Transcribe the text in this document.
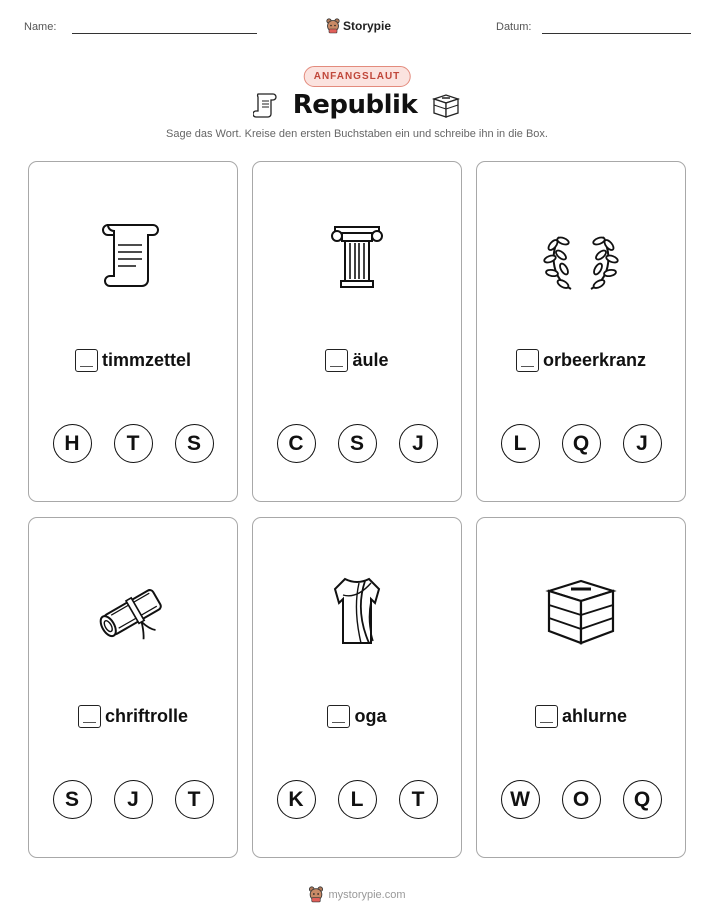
Name:	Storypie	Datum:
ANFANGSLAUT
Republik
Sage das Wort. Kreise den ersten Buchstaben ein und schreibe ihn in die Box.
timmzettel
H	T	S
äule
C	S	J
orbeerkranz
L	Q	J
chriftrolle
S	J	T
oga
K	L	T
ahlurne
W	O	Q
mystorypie.com
